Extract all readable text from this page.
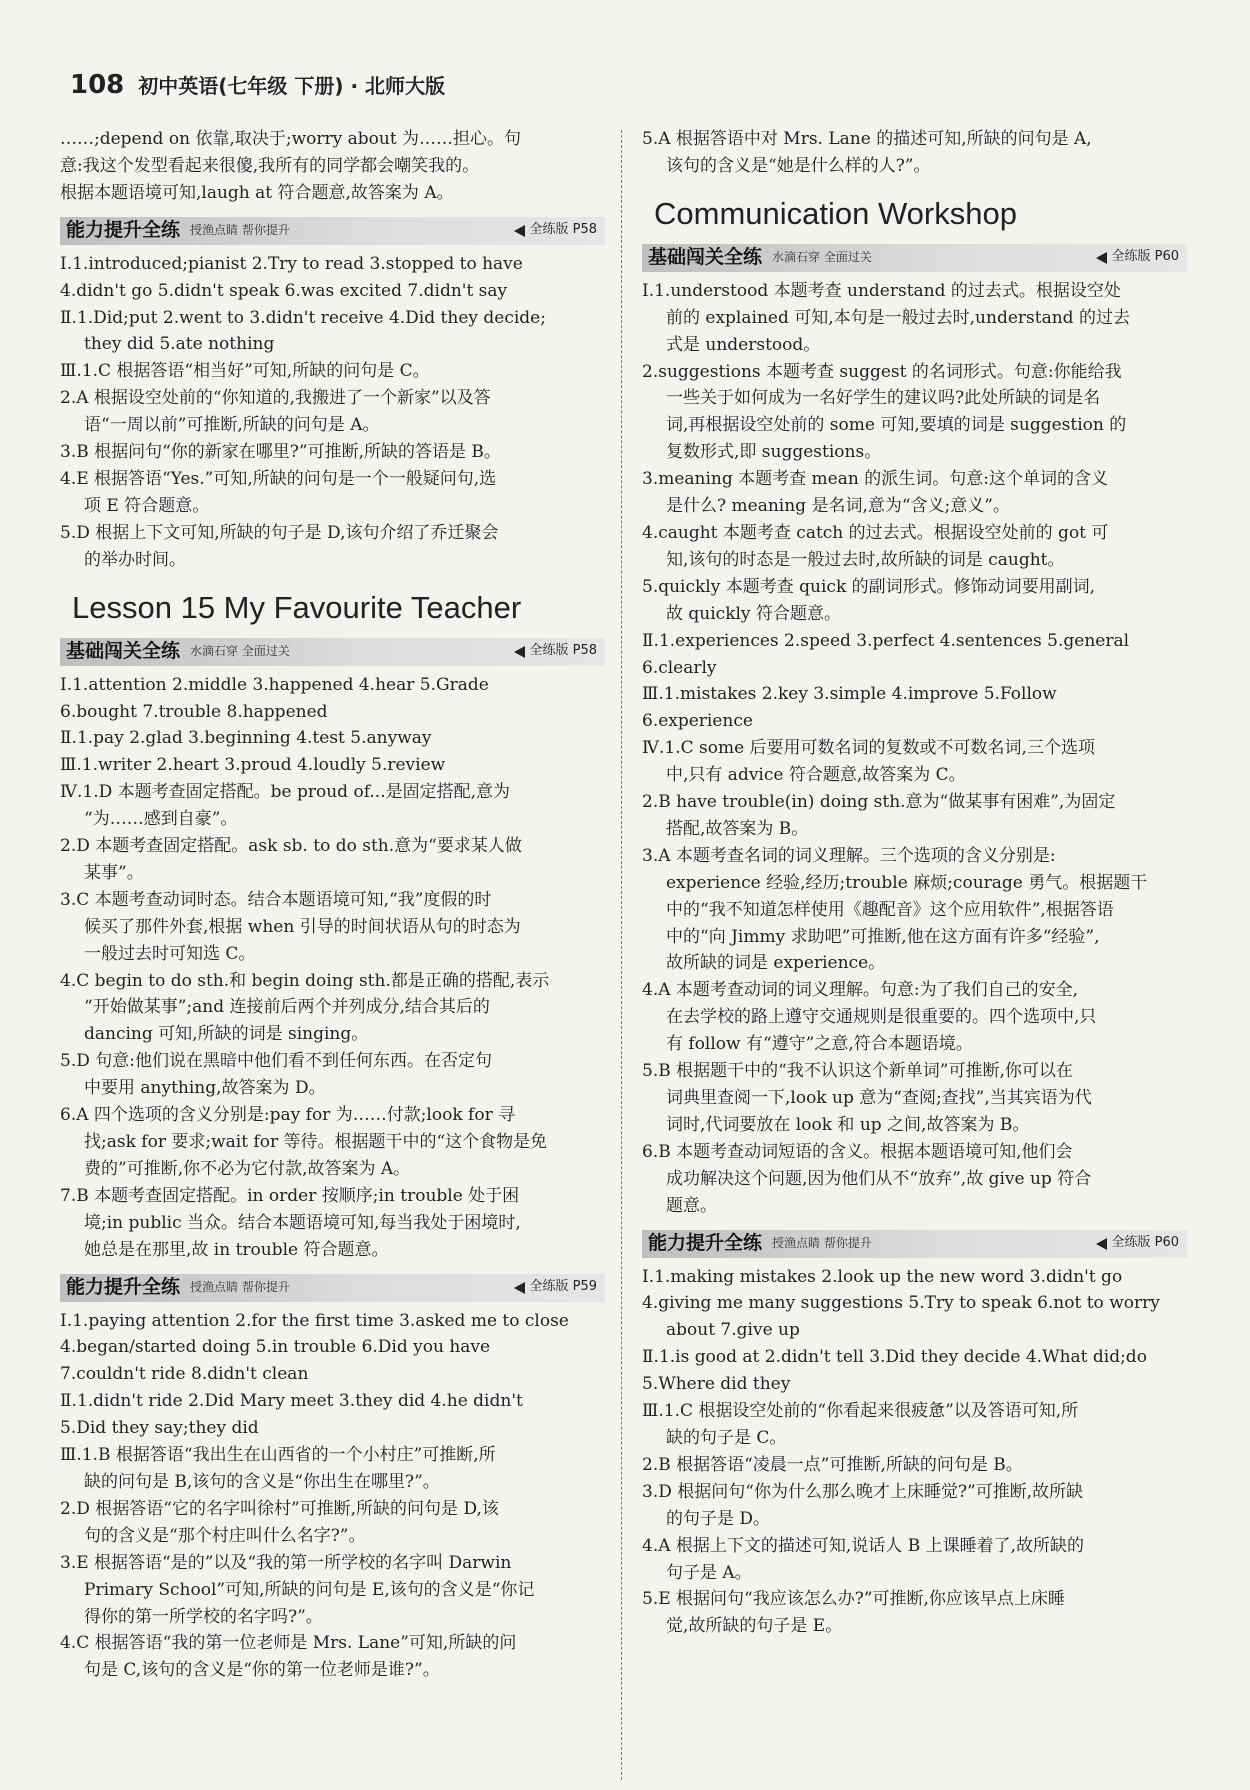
108 初中英语(七年级 下册) · 北师大版
……;depend on 依靠,取决于;worry about 为……担心。句
意:我这个发型看起来很傻,我所有的同学都会嘲笑我的。
根据本题语境可知,laugh at 符合题意,故答案为 A。
能力提升全练 授渔点睛 帮你提升	全练版 P58
Ⅰ.1.introduced;pianist 2.Try to read 3.stopped to have
4.didn't go 5.didn't speak 6.was excited 7.didn't say
Ⅱ.1.Did;put 2.went to 3.didn't receive 4.Did they decide;
they did 5.ate nothing
Ⅲ.1.C 根据答语“相当好”可知,所缺的问句是 C。
2.A 根据设空处前的“你知道的,我搬进了一个新家”以及答
语“一周以前”可推断,所缺的问句是 A。
3.B 根据问句“你的新家在哪里?”可推断,所缺的答语是 B。
4.E 根据答语“Yes.”可知,所缺的问句是一个一般疑问句,选
项 E 符合题意。
5.D 根据上下文可知,所缺的句子是 D,该句介绍了乔迁聚会
的举办时间。
Lesson 15 My Favourite Teacher
基础闯关全练 水滴石穿 全面过关	全练版 P58
Ⅰ.1.attention 2.middle 3.happened 4.hear 5.Grade
6.bought 7.trouble 8.happened
Ⅱ.1.pay 2.glad 3.beginning 4.test 5.anyway
Ⅲ.1.writer 2.heart 3.proud 4.loudly 5.review
Ⅳ.1.D 本题考查固定搭配。be proud of...是固定搭配,意为
“为……感到自豪”。
2.D 本题考查固定搭配。ask sb. to do sth.意为“要求某人做
某事”。
3.C 本题考查动词时态。结合本题语境可知,“我”度假的时
候买了那件外套,根据 when 引导的时间状语从句的时态为
一般过去时可知选 C。
4.C begin to do sth.和 begin doing sth.都是正确的搭配,表示
“开始做某事”;and 连接前后两个并列成分,结合其后的
dancing 可知,所缺的词是 singing。
5.D 句意:他们说在黑暗中他们看不到任何东西。在否定句
中要用 anything,故答案为 D。
6.A 四个选项的含义分别是:pay for 为……付款;look for 寻
找;ask for 要求;wait for 等待。根据题干中的“这个食物是免
费的”可推断,你不必为它付款,故答案为 A。
7.B 本题考查固定搭配。in order 按顺序;in trouble 处于困
境;in public 当众。结合本题语境可知,每当我处于困境时,
她总是在那里,故 in trouble 符合题意。
能力提升全练 授渔点睛 帮你提升	全练版 P59
Ⅰ.1.paying attention 2.for the first time 3.asked me to close
4.began/started doing 5.in trouble 6.Did you have
7.couldn't ride 8.didn't clean
Ⅱ.1.didn't ride 2.Did Mary meet 3.they did 4.he didn't
5.Did they say;they did
Ⅲ.1.B 根据答语“我出生在山西省的一个小村庄”可推断,所
缺的问句是 B,该句的含义是“你出生在哪里?”。
2.D 根据答语“它的名字叫徐村”可推断,所缺的问句是 D,该
句的含义是“那个村庄叫什么名字?”。
3.E 根据答语“是的”以及“我的第一所学校的名字叫 Darwin
Primary School”可知,所缺的问句是 E,该句的含义是“你记
得你的第一所学校的名字吗?”。
4.C 根据答语“我的第一位老师是 Mrs. Lane”可知,所缺的问
句是 C,该句的含义是“你的第一位老师是谁?”。
5.A 根据答语中对 Mrs. Lane 的描述可知,所缺的问句是 A,
该句的含义是“她是什么样的人?”。
Communication Workshop
基础闯关全练 水滴石穿 全面过关	全练版 P60
Ⅰ.1.understood 本题考查 understand 的过去式。根据设空处
前的 explained 可知,本句是一般过去时,understand 的过去
式是 understood。
2.suggestions 本题考查 suggest 的名词形式。句意:你能给我
一些关于如何成为一名好学生的建议吗?此处所缺的词是名
词,再根据设空处前的 some 可知,要填的词是 suggestion 的
复数形式,即 suggestions。
3.meaning 本题考查 mean 的派生词。句意:这个单词的含义
是什么? meaning 是名词,意为“含义;意义”。
4.caught 本题考查 catch 的过去式。根据设空处前的 got 可
知,该句的时态是一般过去时,故所缺的词是 caught。
5.quickly 本题考查 quick 的副词形式。修饰动词要用副词,
故 quickly 符合题意。
Ⅱ.1.experiences 2.speed 3.perfect 4.sentences 5.general
6.clearly
Ⅲ.1.mistakes 2.key 3.simple 4.improve 5.Follow
6.experience
Ⅳ.1.C some 后要用可数名词的复数或不可数名词,三个选项
中,只有 advice 符合题意,故答案为 C。
2.B have trouble(in) doing sth.意为“做某事有困难”,为固定
搭配,故答案为 B。
3.A 本题考查名词的词义理解。三个选项的含义分别是:
experience 经验,经历;trouble 麻烦;courage 勇气。根据题干
中的“我不知道怎样使用《趣配音》这个应用软件”,根据答语
中的“向 Jimmy 求助吧”可推断,他在这方面有许多“经验”,
故所缺的词是 experience。
4.A 本题考查动词的词义理解。句意:为了我们自己的安全,
在去学校的路上遵守交通规则是很重要的。四个选项中,只
有 follow 有“遵守”之意,符合本题语境。
5.B 根据题干中的“我不认识这个新单词”可推断,你可以在
词典里查阅一下,look up 意为“查阅;查找”,当其宾语为代
词时,代词要放在 look 和 up 之间,故答案为 B。
6.B 本题考查动词短语的含义。根据本题语境可知,他们会
成功解决这个问题,因为他们从不“放弃”,故 give up 符合
题意。
能力提升全练 授渔点睛 帮你提升	全练版 P60
Ⅰ.1.making mistakes 2.look up the new word 3.didn't go
4.giving me many suggestions 5.Try to speak 6.not to worry
about 7.give up
Ⅱ.1.is good at 2.didn't tell 3.Did they decide 4.What did;do
5.Where did they
Ⅲ.1.C 根据设空处前的“你看起来很疲惫”以及答语可知,所
缺的句子是 C。
2.B 根据答语“凌晨一点”可推断,所缺的问句是 B。
3.D 根据问句“你为什么那么晚才上床睡觉?”可推断,故所缺
的句子是 D。
4.A 根据上下文的描述可知,说话人 B 上课睡着了,故所缺的
句子是 A。
5.E 根据问句“我应该怎么办?”可推断,你应该早点上床睡
觉,故所缺的句子是 E。
